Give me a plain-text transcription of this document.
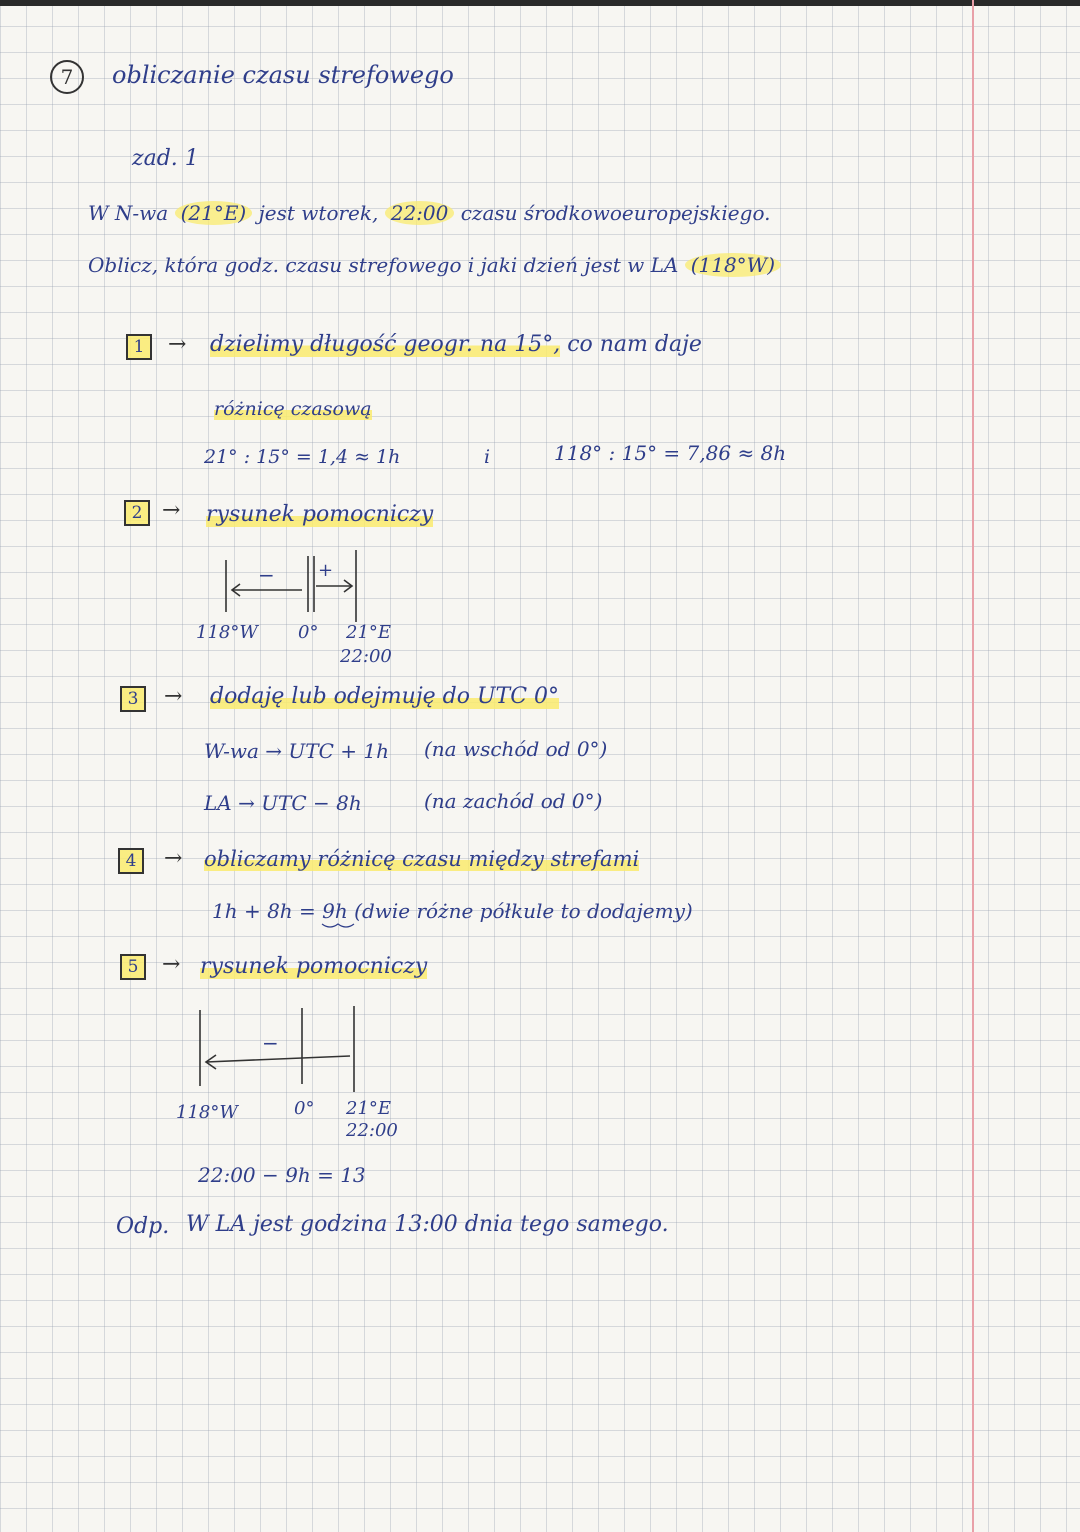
7	obliczanie czasu strefowego
zad. 1
W N-wa (21°E) jest wtorek, 22:00 czasu środkowoeuropejskiego.
Oblicz, która godz. czasu strefowego i jaki dzień jest w LA (118°W)
1	→ dzielimy długość geogr. na 15°, co nam daje
różnicę czasową
21° : 15° = 1,4 ≈ 1h	i	118° : 15° = 7,86 ≈ 8h
2 → rysunek pomocniczy
− +
118°W 0° 21°E
22:00
3	→ dodaję lub odejmuję do UTC 0°
W-wa → UTC + 1h (na wschód od 0°)
LA → UTC − 8h	(na zachód od 0°)
4	→ obliczamy różnicę czasu między strefami
1h + 8h = 9h (dwie różne półkule to dodajemy)
5	→ rysunek pomocniczy
−
118°W	0° 21°E
22:00
22:00 − 9h = 13
Odp. W LA jest godzina 13:00 dnia tego samego.
